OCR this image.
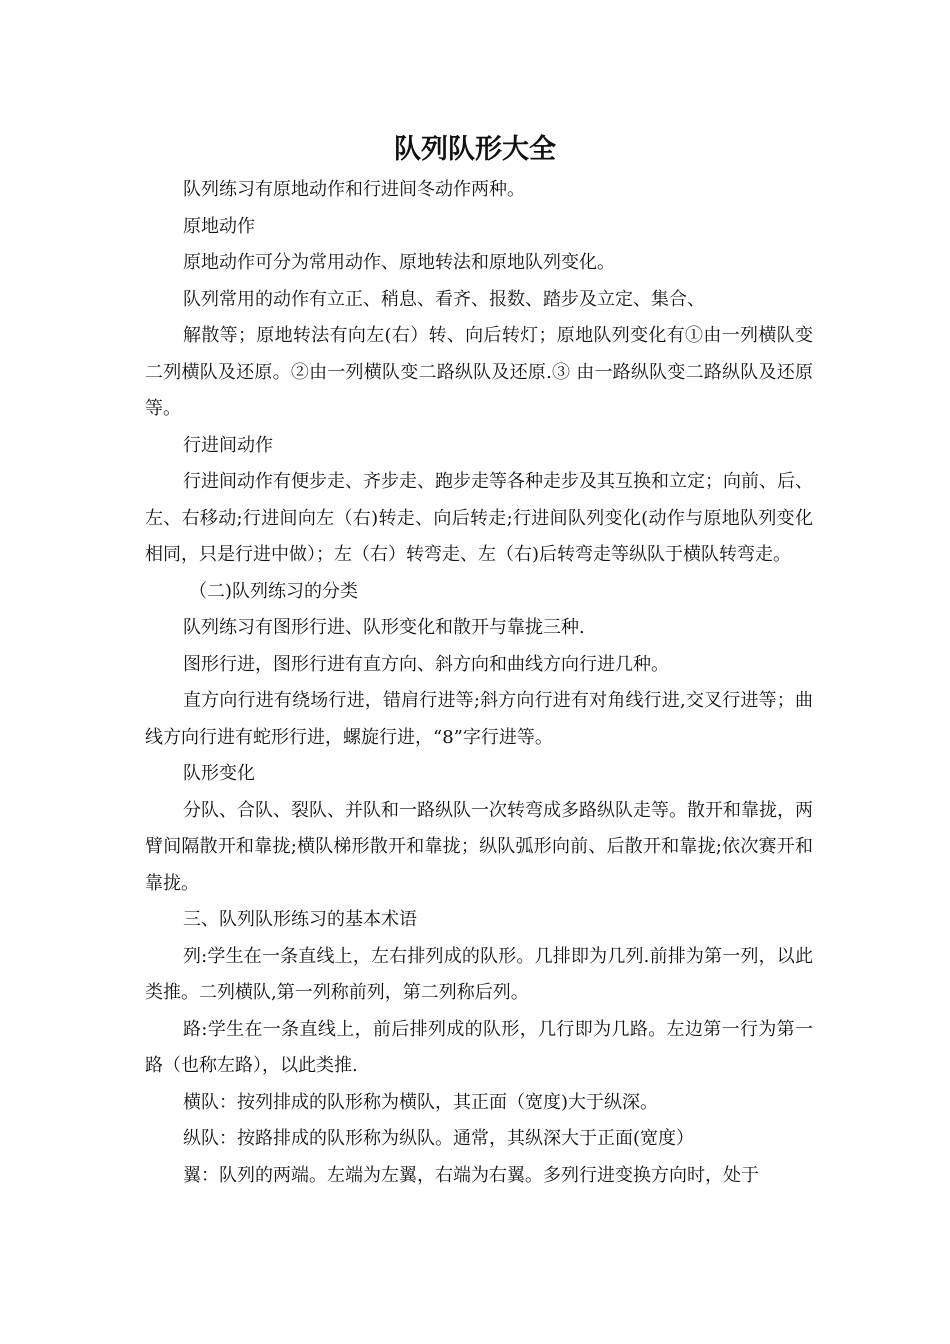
队列队形大全

队列练习有原地动作和行进间冬动作两种。

原地动作

原地动作可分为常用动作、原地转法和原地队列变化。

队列常用的动作有立正、稍息、看齐、报数、踏步及立定、集合、

解散等；原地转法有向左(右）转、向后转灯；原地队列变化有①由一列横队变二列横队及还原。②由一列横队变二路纵队及还原.③ 由一路纵队变二路纵队及还原等。

行进间动作

行进间动作有便步走、齐步走、跑步走等各种走步及其互换和立定；向前、后、左、右移动;行进间向左（右)转走、向后转走;行进间队列变化(动作与原地队列变化相同，只是行进中做）；左（右）转弯走、左（右)后转弯走等纵队于横队转弯走。

（二)队列练习的分类

队列练习有图形行进、队形变化和散开与靠拢三种.

图形行进，图形行进有直方向、斜方向和曲线方向行进几种。

直方向行进有绕场行进，错肩行进等;斜方向行进有对角线行进,交叉行进等；曲线方向行进有蛇形行进，螺旋行进，“8”字行进等。

队形变化

分队、合队、裂队、并队和一路纵队一次转弯成多路纵队走等。散开和靠拢，两臂间隔散开和靠拢;横队梯形散开和靠拢；纵队弧形向前、后散开和靠拢;依次赛开和靠拢。

三、队列队形练习的基本术语

列:学生在一条直线上，左右排列成的队形。几排即为几列.前排为第一列，以此类推。二列横队,第一列称前列，第二列称后列。

路:学生在一条直线上，前后排列成的队形，几行即为几路。左边第一行为第一路（也称左路），以此类推.

横队：按列排成的队形称为横队，其正面（宽度)大于纵深。

纵队：按路排成的队形称为纵队。通常，其纵深大于正面(宽度）

翼：队列的两端。左端为左翼，右端为右翼。多列行进变换方向时，处于
